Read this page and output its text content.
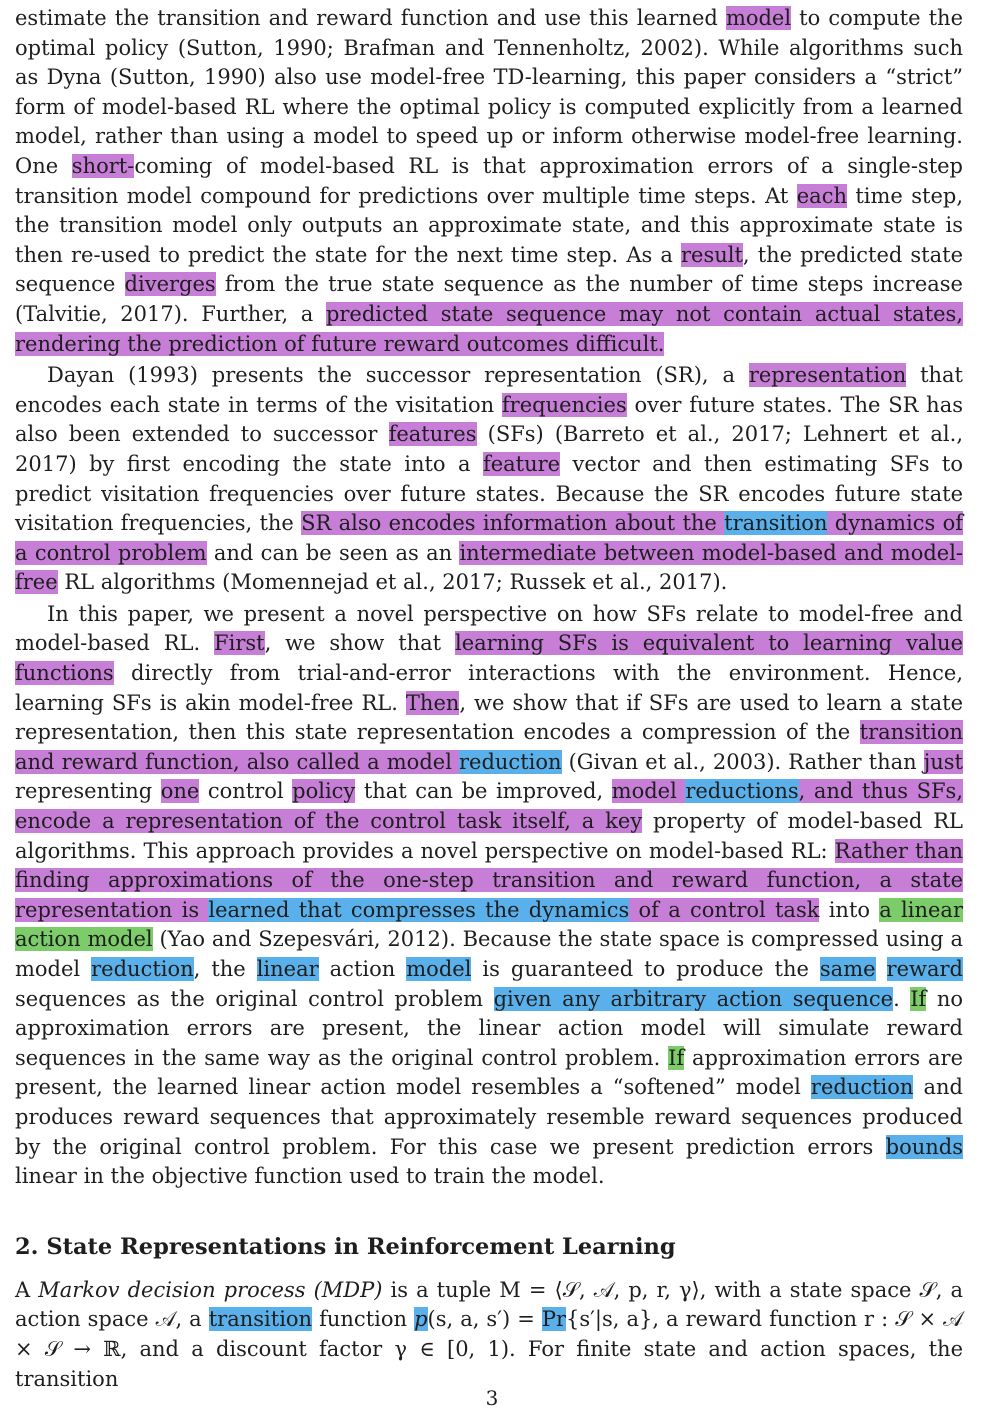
estimate the transition and reward function and use this learned model to compute the optimal policy (Sutton, 1990; Brafman and Tennenholtz, 2002). While algorithms such as Dyna (Sutton, 1990) also use model-free TD-learning, this paper considers a “strict” form of model-based RL where the optimal policy is computed explicitly from a learned model, rather than using a model to speed up or inform otherwise model-free learning. One short-coming of model-based RL is that approximation errors of a single-step transition model compound for predictions over multiple time steps. At each time step, the transition model only outputs an approximate state, and this approximate state is then re-used to predict the state for the next time step. As a result, the predicted state sequence diverges from the true state sequence as the number of time steps increase (Talvitie, 2017). Further, a predicted state sequence may not contain actual states, rendering the prediction of future reward outcomes difficult.

Dayan (1993) presents the successor representation (SR), a representation that encodes each state in terms of the visitation frequencies over future states. The SR has also been extended to successor features (SFs) (Barreto et al., 2017; Lehnert et al., 2017) by first encoding the state into a feature vector and then estimating SFs to predict visitation frequencies over future states. Because the SR encodes future state visitation frequencies, the SR also encodes information about the transition dynamics of a control problem and can be seen as an intermediate between model-based and model-free RL algorithms (Momennejad et al., 2017; Russek et al., 2017).

In this paper, we present a novel perspective on how SFs relate to model-free and model-based RL. First, we show that learning SFs is equivalent to learning value functions directly from trial-and-error interactions with the environment. Hence, learning SFs is akin model-free RL. Then, we show that if SFs are used to learn a state representation, then this state representation encodes a compression of the transition and reward function, also called a model reduction (Givan et al., 2003). Rather than just representing one control policy that can be improved, model reductions, and thus SFs, encode a representation of the control task itself, a key property of model-based RL algorithms. This approach provides a novel perspective on model-based RL: Rather than finding approximations of the one-step transition and reward function, a state representation is learned that compresses the dynamics of a control task into a linear action model (Yao and Szepesvári, 2012). Because the state space is compressed using a model reduction, the linear action model is guaranteed to produce the same reward sequences as the original control problem given any arbitrary action sequence. If no approximation errors are present, the linear action model will simulate reward sequences in the same way as the original control problem. If approximation errors are present, the learned linear action model resembles a “softened” model reduction and produces reward sequences that approximately resemble reward sequences produced by the original control problem. For this case we present prediction errors bounds linear in the objective function used to train the model.

2. State Representations in Reinforcement Learning

A Markov decision process (MDP) is a tuple M = ⟨𝒮, 𝒜, p, r, γ⟩, with a state space 𝒮, a action space 𝒜, a transition function p(s, a, s′) = Pr{s′|s, a}, a reward function r : 𝒮 × 𝒜 × 𝒮 → ℝ, and a discount factor γ ∈ [0, 1). For finite state and action spaces, the transition

3
